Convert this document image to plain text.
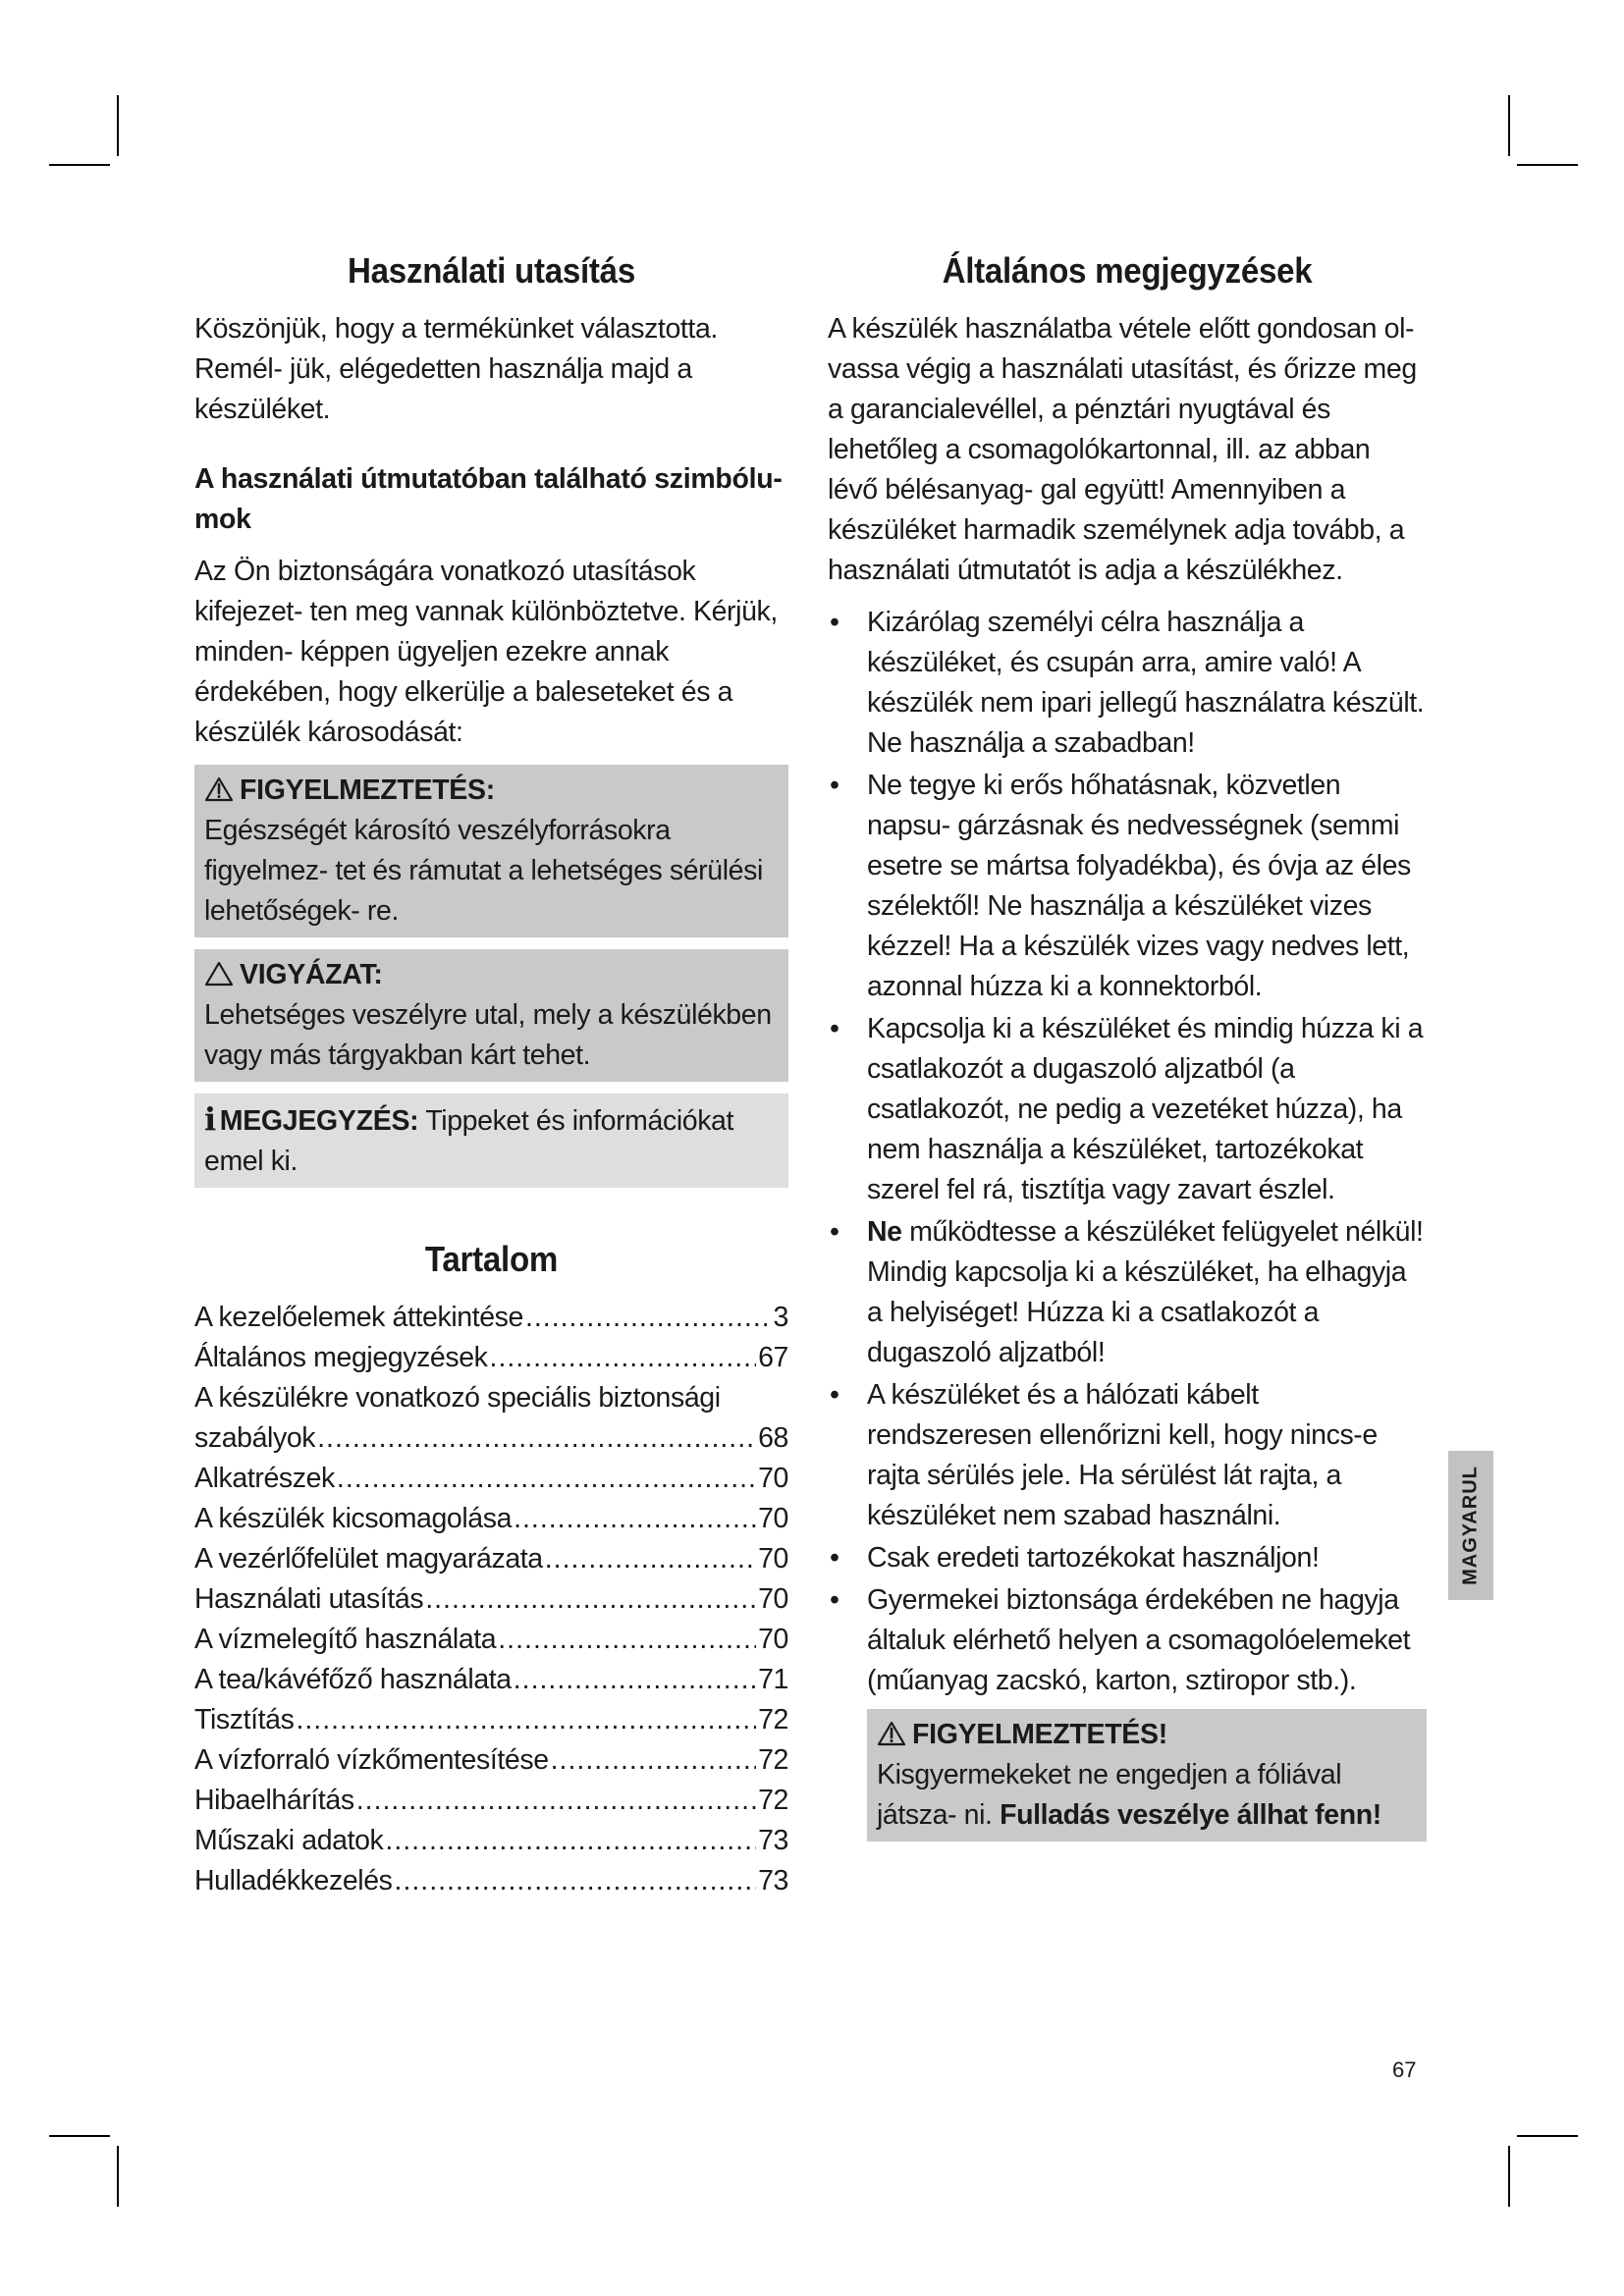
Használati utasítás

Köszönjük, hogy a termékünket választotta. Remél- jük, elégedetten használja majd a készüléket.

A használati útmutatóban található szimbólu- mok

Az Ön biztonságára vonatkozó utasítások kifejezet- ten meg vannak különböztetve. Kérjük, minden- képpen ügyeljen ezekre annak érdekében, hogy elkerülje a baleseteket és a készülék károsodását:

FIGYELMEZTETÉS:
Egészségét károsító veszélyforrásokra figyelmez- tet és rámutat a lehetséges sérülési lehetőségek- re.
VIGYÁZAT:
Lehetséges veszélyre utal, mely a készülékben vagy más tárgyakban kárt tehet.
i MEGJEGYZÉS: Tippeket és információkat emel ki.
Tartalom
A kezelőelemek áttekintése .....	3
Általános megjegyzések .....	67
A készülékre vonatkozó speciális biztonsági
szabályok .....	68
Alkatrészek .....	70
A készülék kicsomagolása .....	70
A vezérlőfelület magyarázata .....	70
Használati utasítás .....	70
A vízmelegítő használata .....	70
A tea/kávéfőző használata .....	71
Tisztítás .....	72
A vízforraló vízkőmentesítése .....	72
Hibaelhárítás .....	72
Műszaki adatok .....	73
Hulladékkezelés .....	73
Általános megjegyzések

A készülék használatba vétele előtt gondosan ol- vassa végig a használati utasítást, és őrizze meg a garancialevéllel, a pénztári nyugtával és lehetőleg a csomagolókartonnal, ill. az abban lévő bélésanyag- gal együtt! Amennyiben a készüléket harmadik személynek adja tovább, a használati útmutatót is adja a készülékhez.

• Kizárólag személyi célra használja a készüléket, és csupán arra, amire való! A készülék nem ipari jellegű használatra készült. Ne használja a szabadban!
• Ne tegye ki erős hőhatásnak, közvetlen napsu- gárzásnak és nedvességnek (semmi esetre se mártsa folyadékba), és óvja az éles szélektől! Ne használja a készüléket vizes kézzel! Ha a készülék vizes vagy nedves lett, azonnal húzza ki a konnektorból.
• Kapcsolja ki a készüléket és mindig húzza ki a csatlakozót a dugaszoló aljzatból (a csatlakozót, ne pedig a vezetéket húzza), ha nem használja a készüléket, tartozékokat szerel fel rá, tisztítja vagy zavart észlel.
• Ne működtesse a készüléket felügyelet nélkül! Mindig kapcsolja ki a készüléket, ha elhagyja a helyiséget! Húzza ki a csatlakozót a dugaszoló aljzatból!
• A készüléket és a hálózati kábelt rendszeresen ellenőrizni kell, hogy nincs-e rajta sérülés jele. Ha sérülést lát rajta, a készüléket nem szabad használni.
• Csak eredeti tartozékokat használjon!
• Gyermekei biztonsága érdekében ne hagyja általuk elérhető helyen a csomagolóelemeket (műanyag zacskó, karton, sztiropor stb.).
FIGYELMEZTETÉS!
Kisgyermekeket ne engedjen a fóliával játsza- ni. Fulladás veszélye állhat fenn!
MAGYARUL
67
